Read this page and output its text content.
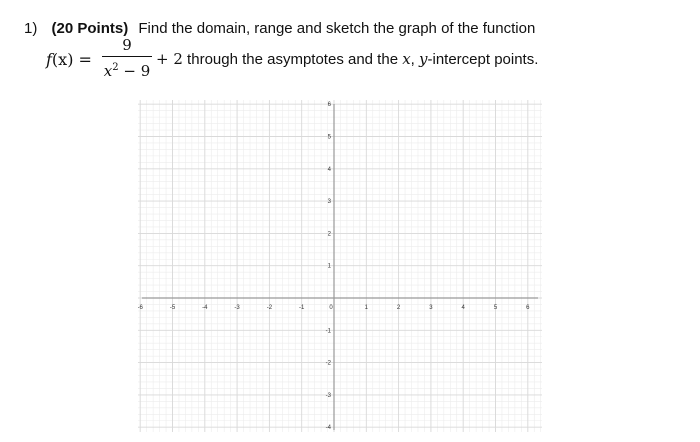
1) (20 Points) Find the domain, range and sketch the graph of the function
f(x) =
9
$x^2 - 9$
+ 2 through the asymptotes and the x, y-intercept points.
-6	-5	-4	-3	-2	-1	0	1	2	3	4	5	6
6
5
4
3
2
1
-1
-2
-3
-4
